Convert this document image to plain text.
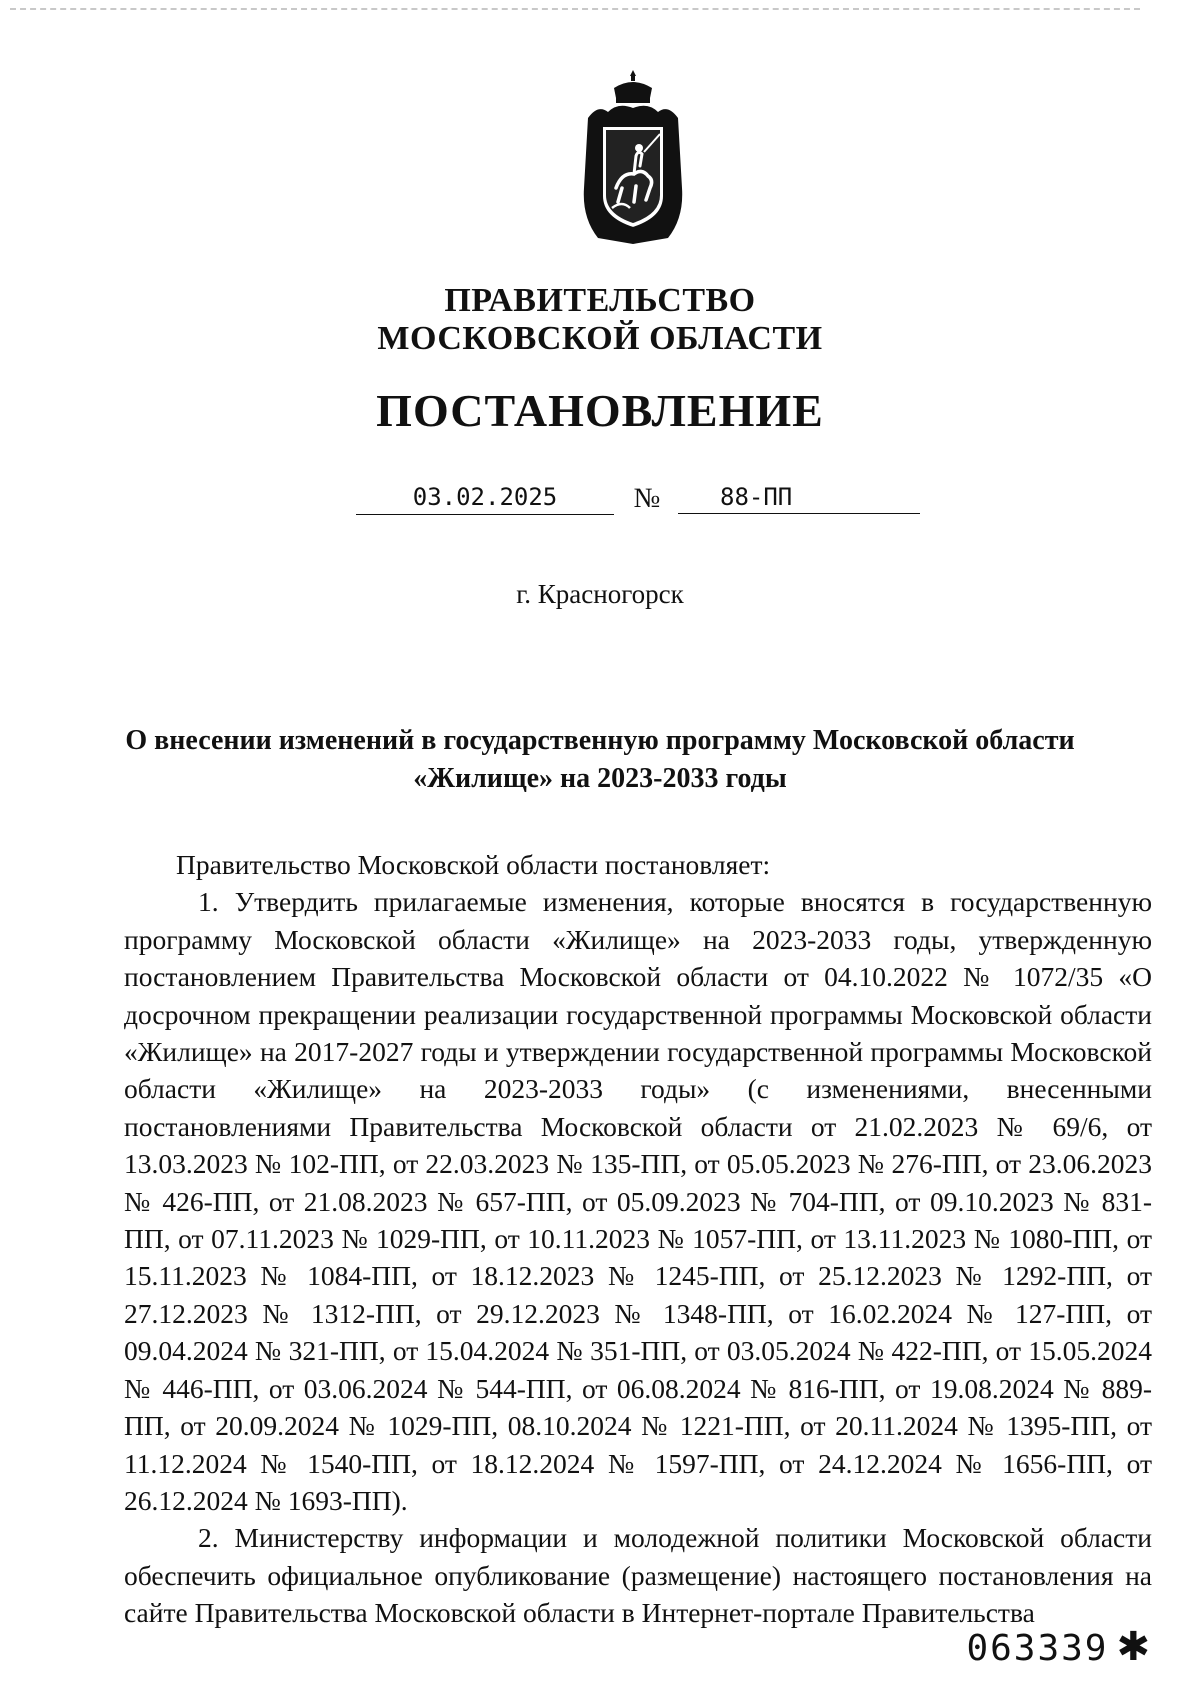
ПРАВИТЕЛЬСТВО
МОСКОВСКОЙ ОБЛАСТИ
ПОСТАНОВЛЕНИЕ
03.02.2025	№	88-ПП
г. Красногорск
О внесении изменений в государственную программу Московской области
«Жилище» на 2023-2033 годы

Правительство Московской области постановляет:

1. Утвердить прилагаемые изменения, которые вносятся в государственную программу Московской области «Жилище» на 2023-2033 годы, утвержденную постановлением Правительства Московской области от 04.10.2022 № 1072/35 «О досрочном прекращении реализации государственной программы Московской области «Жилище» на 2017-2027 годы и утверждении государственной программы Московской области «Жилище» на 2023-2033 годы» (с изменениями, внесенными постановлениями Правительства Московской области от 21.02.2023 № 69/6, от 13.03.2023 № 102-ПП, от 22.03.2023 № 135-ПП, от 05.05.2023 № 276-ПП, от 23.06.2023 № 426-ПП, от 21.08.2023 № 657-ПП, от 05.09.2023 № 704-ПП, от 09.10.2023 № 831-ПП, от 07.11.2023 № 1029-ПП, от 10.11.2023 № 1057-ПП, от 13.11.2023 № 1080-ПП, от 15.11.2023 № 1084-ПП, от 18.12.2023 № 1245-ПП, от 25.12.2023 № 1292-ПП, от 27.12.2023 № 1312-ПП, от 29.12.2023 № 1348-ПП, от 16.02.2024 № 127-ПП, от 09.04.2024 № 321-ПП, от 15.04.2024 № 351-ПП, от 03.05.2024 № 422-ПП, от 15.05.2024 № 446-ПП, от 03.06.2024 № 544-ПП, от 06.08.2024 № 816-ПП, от 19.08.2024 № 889-ПП, от 20.09.2024 № 1029-ПП, 08.10.2024 № 1221-ПП, от 20.11.2024 № 1395-ПП, от 11.12.2024 № 1540-ПП, от 18.12.2024 № 1597-ПП, от 24.12.2024 № 1656-ПП, от 26.12.2024 № 1693-ПП).

2. Министерству информации и молодежной политики Московской области обеспечить официальное опубликование (размещение) настоящего постановления на сайте Правительства Московской области в Интернет-портале Правительства

063339 ✱
